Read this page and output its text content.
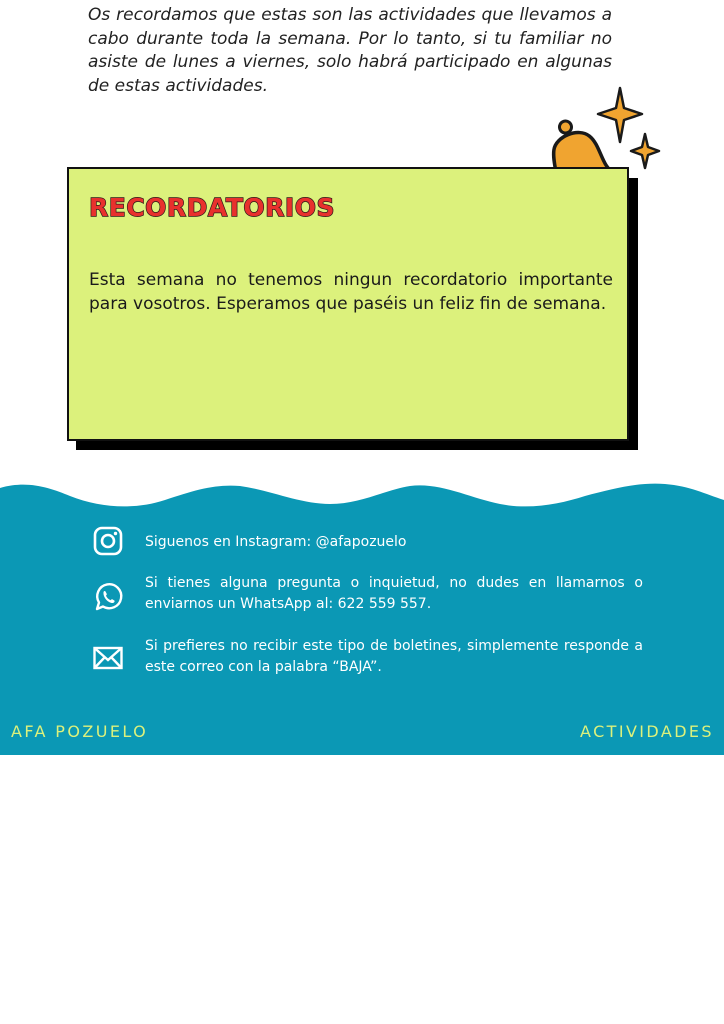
Os recordamos que estas son las actividades que llevamos a cabo durante toda la semana. Por lo tanto, si tu familiar no asiste de lunes a viernes, solo habrá participado en algunas de estas actividades.

RECORDATORIOS
Esta semana no tenemos ningun recordatorio importante para vosotros. Esperamos que paséis un feliz fin de semana.
Siguenos en Instagram: @afapozuelo
Si tienes alguna pregunta o inquietud, no dudes en llamarnos o enviarnos un WhatsApp al: 622 559 557.
Si prefieres no recibir este tipo de boletines, simplemente responde a este correo con la palabra “BAJA”.
AFA POZUELO	ACTIVIDADES
